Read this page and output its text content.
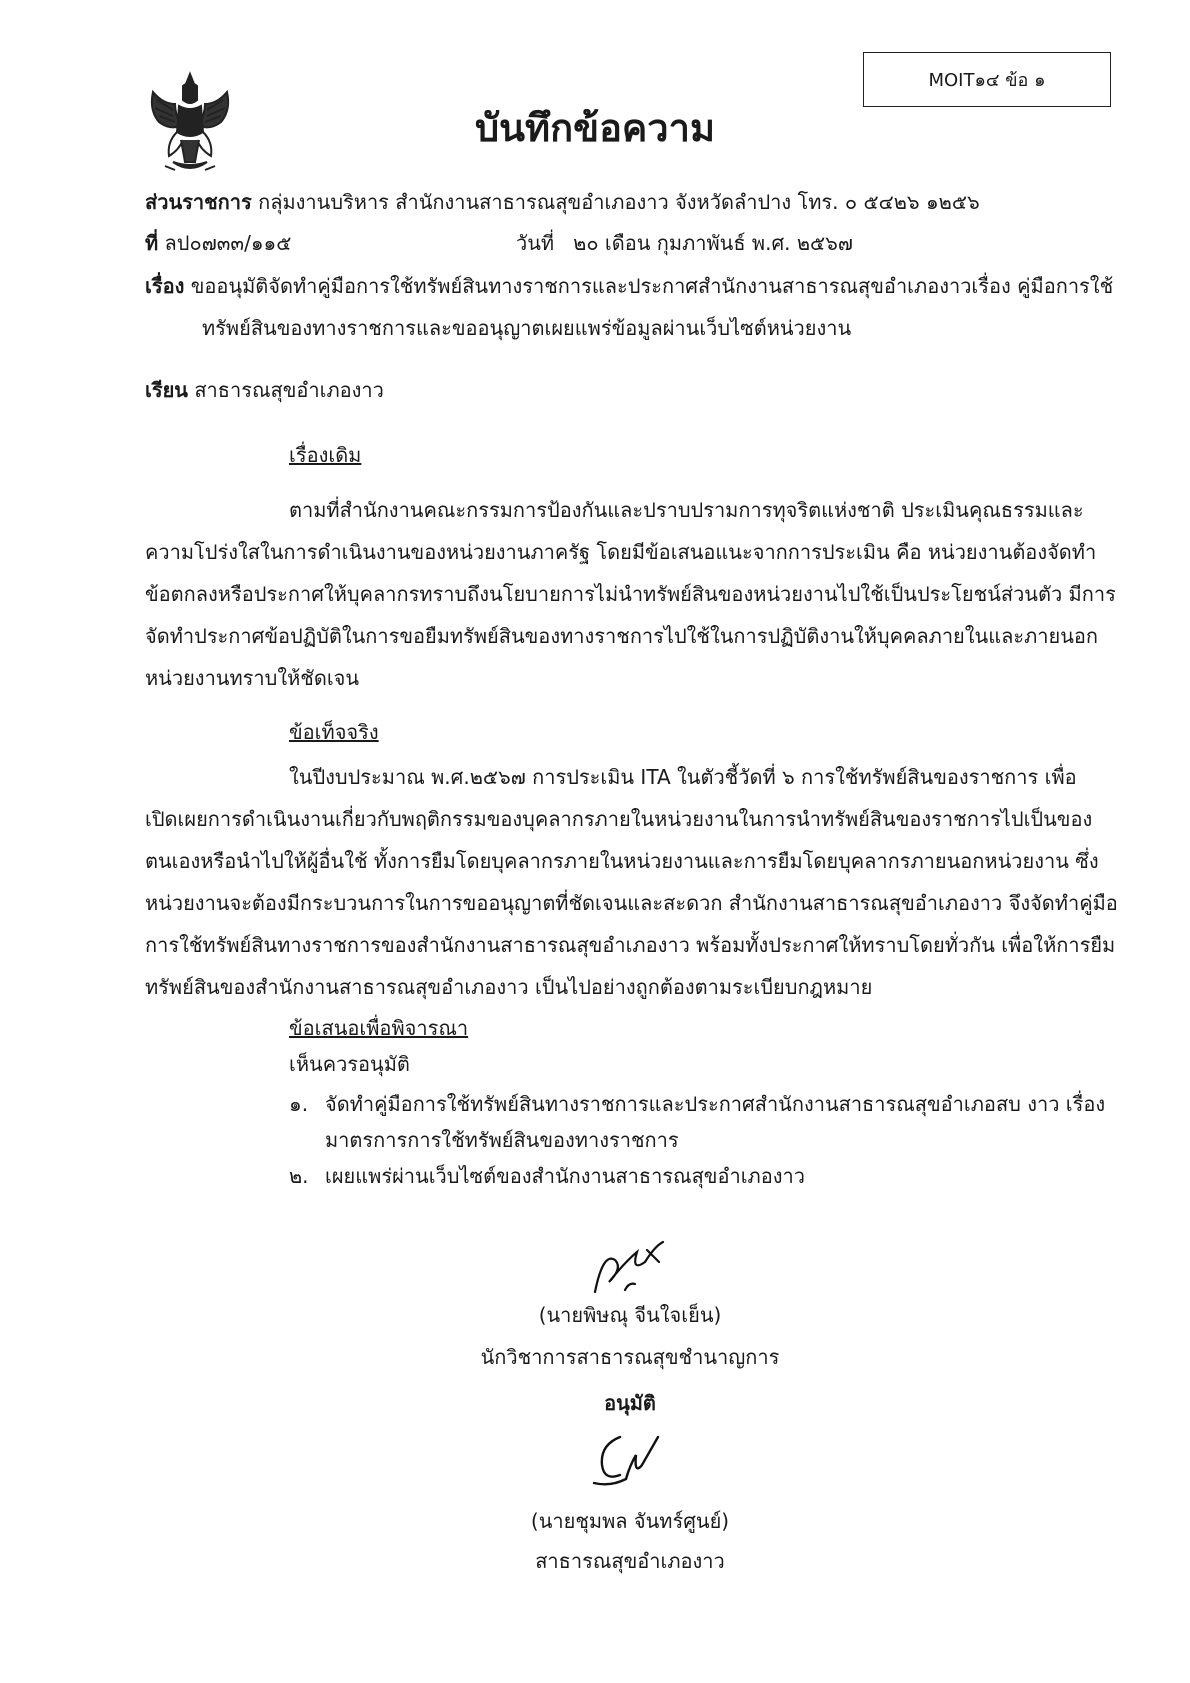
MOIT๑๔ ข้อ ๑
บันทึกข้อความ
ส่วนราชการ กลุ่มงานบริหาร สำนักงานสาธารณสุขอำเภองาว จังหวัดลำปาง โทร. ๐ ๕๔๒๖ ๑๒๕๖
ที่ ลป๐๗๓๓/๑๑๕	วันที่ ๒๐ เดือน กุมภาพันธ์ พ.ศ. ๒๕๖๗
เรื่อง ขออนุมัติจัดทำคู่มือการใช้ทรัพย์สินทางราชการและประกาศสำนักงานสาธารณสุขอำเภองาวเรื่อง คู่มือการใช้
ทรัพย์สินของทางราชการและขออนุญาตเผยแพร่ข้อมูลผ่านเว็บไซต์หน่วยงาน
เรียน สาธารณสุขอำเภองาว
เรื่องเดิม
ตามที่สำนักงานคณะกรรมการป้องกันและปราบปรามการทุจริตแห่งชาติ ประเมินคุณธรรมและ
ความโปร่งใสในการดำเนินงานของหน่วยงานภาครัฐ โดยมีข้อเสนอแนะจากการประเมิน คือ หน่วยงานต้องจัดทำ
ข้อตกลงหรือประกาศให้บุคลากรทราบถึงนโยบายการไม่นำทรัพย์สินของหน่วยงานไปใช้เป็นประโยชน์ส่วนตัว มีการ
จัดทำประกาศข้อปฏิบัติในการขอยืมทรัพย์สินของทางราชการไปใช้ในการปฏิบัติงานให้บุคคลภายในและภายนอก
หน่วยงานทราบให้ชัดเจน
ข้อเท็จจริง
ในปีงบประมาณ พ.ศ.๒๕๖๗ การประเมิน ITA ในตัวชี้วัดที่ ๖ การใช้ทรัพย์สินของราชการ เพื่อ
เปิดเผยการดำเนินงานเกี่ยวกับพฤติกรรมของบุคลากรภายในหน่วยงานในการนำทรัพย์สินของราชการไปเป็นของ
ตนเองหรือนำไปให้ผู้อื่นใช้ ทั้งการยืมโดยบุคลากรภายในหน่วยงานและการยืมโดยบุคลากรภายนอกหน่วยงาน ซึ่ง
หน่วยงานจะต้องมีกระบวนการในการขออนุญาตที่ชัดเจนและสะดวก สำนักงานสาธารณสุขอำเภองาว จึงจัดทำคู่มือ
การใช้ทรัพย์สินทางราชการของสำนักงานสาธารณสุขอำเภองาว พร้อมทั้งประกาศให้ทราบโดยทั่วกัน เพื่อให้การยืม
ทรัพย์สินของสำนักงานสาธารณสุขอำเภองาว เป็นไปอย่างถูกต้องตามระเบียบกฎหมาย
ข้อเสนอเพื่อพิจารณา
เห็นควรอนุมัติ
๑. จัดทำคู่มือการใช้ทรัพย์สินทางราชการและประกาศสำนักงานสาธารณสุขอำเภอสบ งาว เรื่อง
มาตรการการใช้ทรัพย์สินของทางราชการ
๒. เผยแพร่ผ่านเว็บไซต์ของสำนักงานสาธารณสุขอำเภองาว
(นายพิษณุ จีนใจเย็น)
นักวิชาการสาธารณสุขชำนาญการ
อนุมัติ
(นายชุมพล จันทร์ศูนย์)
สาธารณสุขอำเภองาว
